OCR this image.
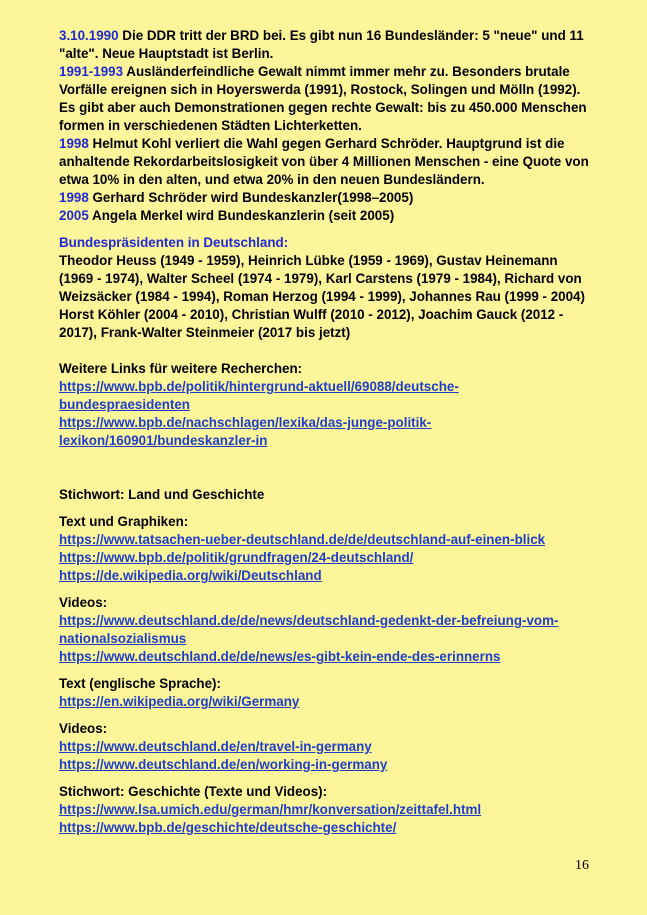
3.10.1990 Die DDR tritt der BRD bei. Es gibt nun 16 Bundesländer: 5 "neue" und 11 "alte". Neue Hauptstadt ist Berlin.

1991-1993 Ausländerfeindliche Gewalt nimmt immer mehr zu. Besonders brutale Vorfälle ereignen sich in Hoyerswerda (1991), Rostock, Solingen und Mölln (1992). Es gibt aber auch Demonstrationen gegen rechte Gewalt: bis zu 450.000 Menschen formen in verschiedenen Städten Lichterketten.

1998 Helmut Kohl verliert die Wahl gegen Gerhard Schröder. Hauptgrund ist die anhaltende Rekordarbeitslosigkeit von über 4 Millionen Menschen - eine Quote von etwa 10% in den alten, und etwa 20% in den neuen Bundesländern.

1998 Gerhard Schröder wird Bundeskanzler(1998–2005)

2005 Angela Merkel wird Bundeskanzlerin (seit 2005)

Bundespräsidenten in Deutschland:

Theodor Heuss (1949 - 1959), Heinrich Lübke (1959 - 1969), Gustav Heinemann (1969 - 1974), Walter Scheel (1974 - 1979), Karl Carstens (1979 - 1984), Richard von Weizsäcker (1984 - 1994), Roman Herzog (1994 - 1999), Johannes Rau (1999 - 2004) Horst Köhler (2004 - 2010), Christian Wulff (2010 - 2012), Joachim Gauck (2012 - 2017), Frank-Walter Steinmeier (2017 bis jetzt)

Weitere Links für weitere Recherchen:

https://www.bpb.de/politik/hintergrund-aktuell/69088/deutsche-bundespraesidenten

https://www.bpb.de/nachschlagen/lexika/das-junge-politik-lexikon/160901/bundeskanzler-in

Stichwort: Land und Geschichte

Text und Graphiken:

https://www.tatsachen-ueber-deutschland.de/de/deutschland-auf-einen-blick

https://www.bpb.de/politik/grundfragen/24-deutschland/

https://de.wikipedia.org/wiki/Deutschland

Videos:

https://www.deutschland.de/de/news/deutschland-gedenkt-der-befreiung-vom-nationalsozialismus

https://www.deutschland.de/de/news/es-gibt-kein-ende-des-erinnerns

Text (englische Sprache):

https://en.wikipedia.org/wiki/Germany

Videos:

https://www.deutschland.de/en/travel-in-germany

https://www.deutschland.de/en/working-in-germany

Stichwort: Geschichte (Texte und Videos):

https://www.lsa.umich.edu/german/hmr/konversation/zeittafel.html

https://www.bpb.de/geschichte/deutsche-geschichte/

16
